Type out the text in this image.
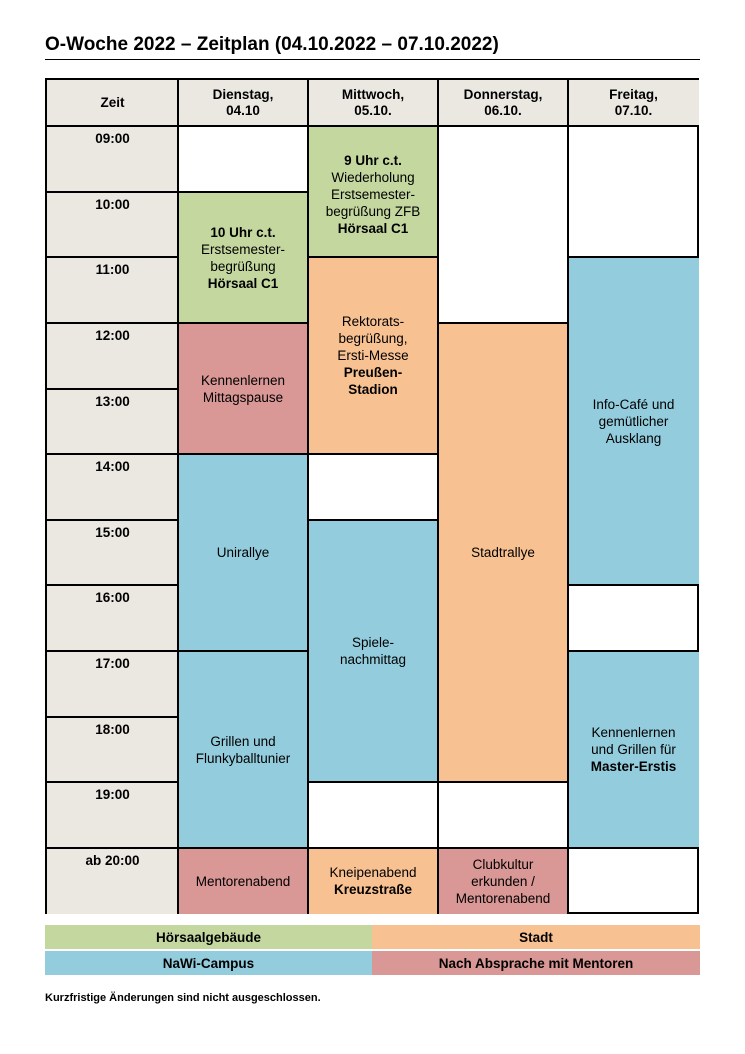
O-Woche 2022 – Zeitplan (04.10.2022 – 07.10.2022)
Zeit
Dienstag,
04.10
Mittwoch,
05.10.
Donnerstag,
06.10.
Freitag,
07.10.
09:00
10:00
11:00
12:00
13:00
14:00
15:00
16:00
17:00
18:00
19:00
ab 20:00
10 Uhr c.t.
Erstsemester-
begrüßung
Hörsaal C1
Kennenlernen
Mittagspause
Unirallye
Grillen und
Flunkyballtunier
Mentorenabend
9 Uhr c.t.
Wiederholung
Erstsemester-
begrüßung ZFB
Hörsaal C1
Rektorats-
begrüßung,
Ersti-Messe
Preußen-
Stadion
Spiele-
nachmittag
Kneipenabend
Kreuzstraße
Stadtrallye
Clubkultur
erkunden /
Mentorenabend
Info-Café und
gemütlicher
Ausklang
Kennenlernen
und Grillen für
Master-Erstis
Hörsaalgebäude	Stadt
NaWi-Campus	Nach Absprache mit Mentoren
Kurzfristige Änderungen sind nicht ausgeschlossen.
